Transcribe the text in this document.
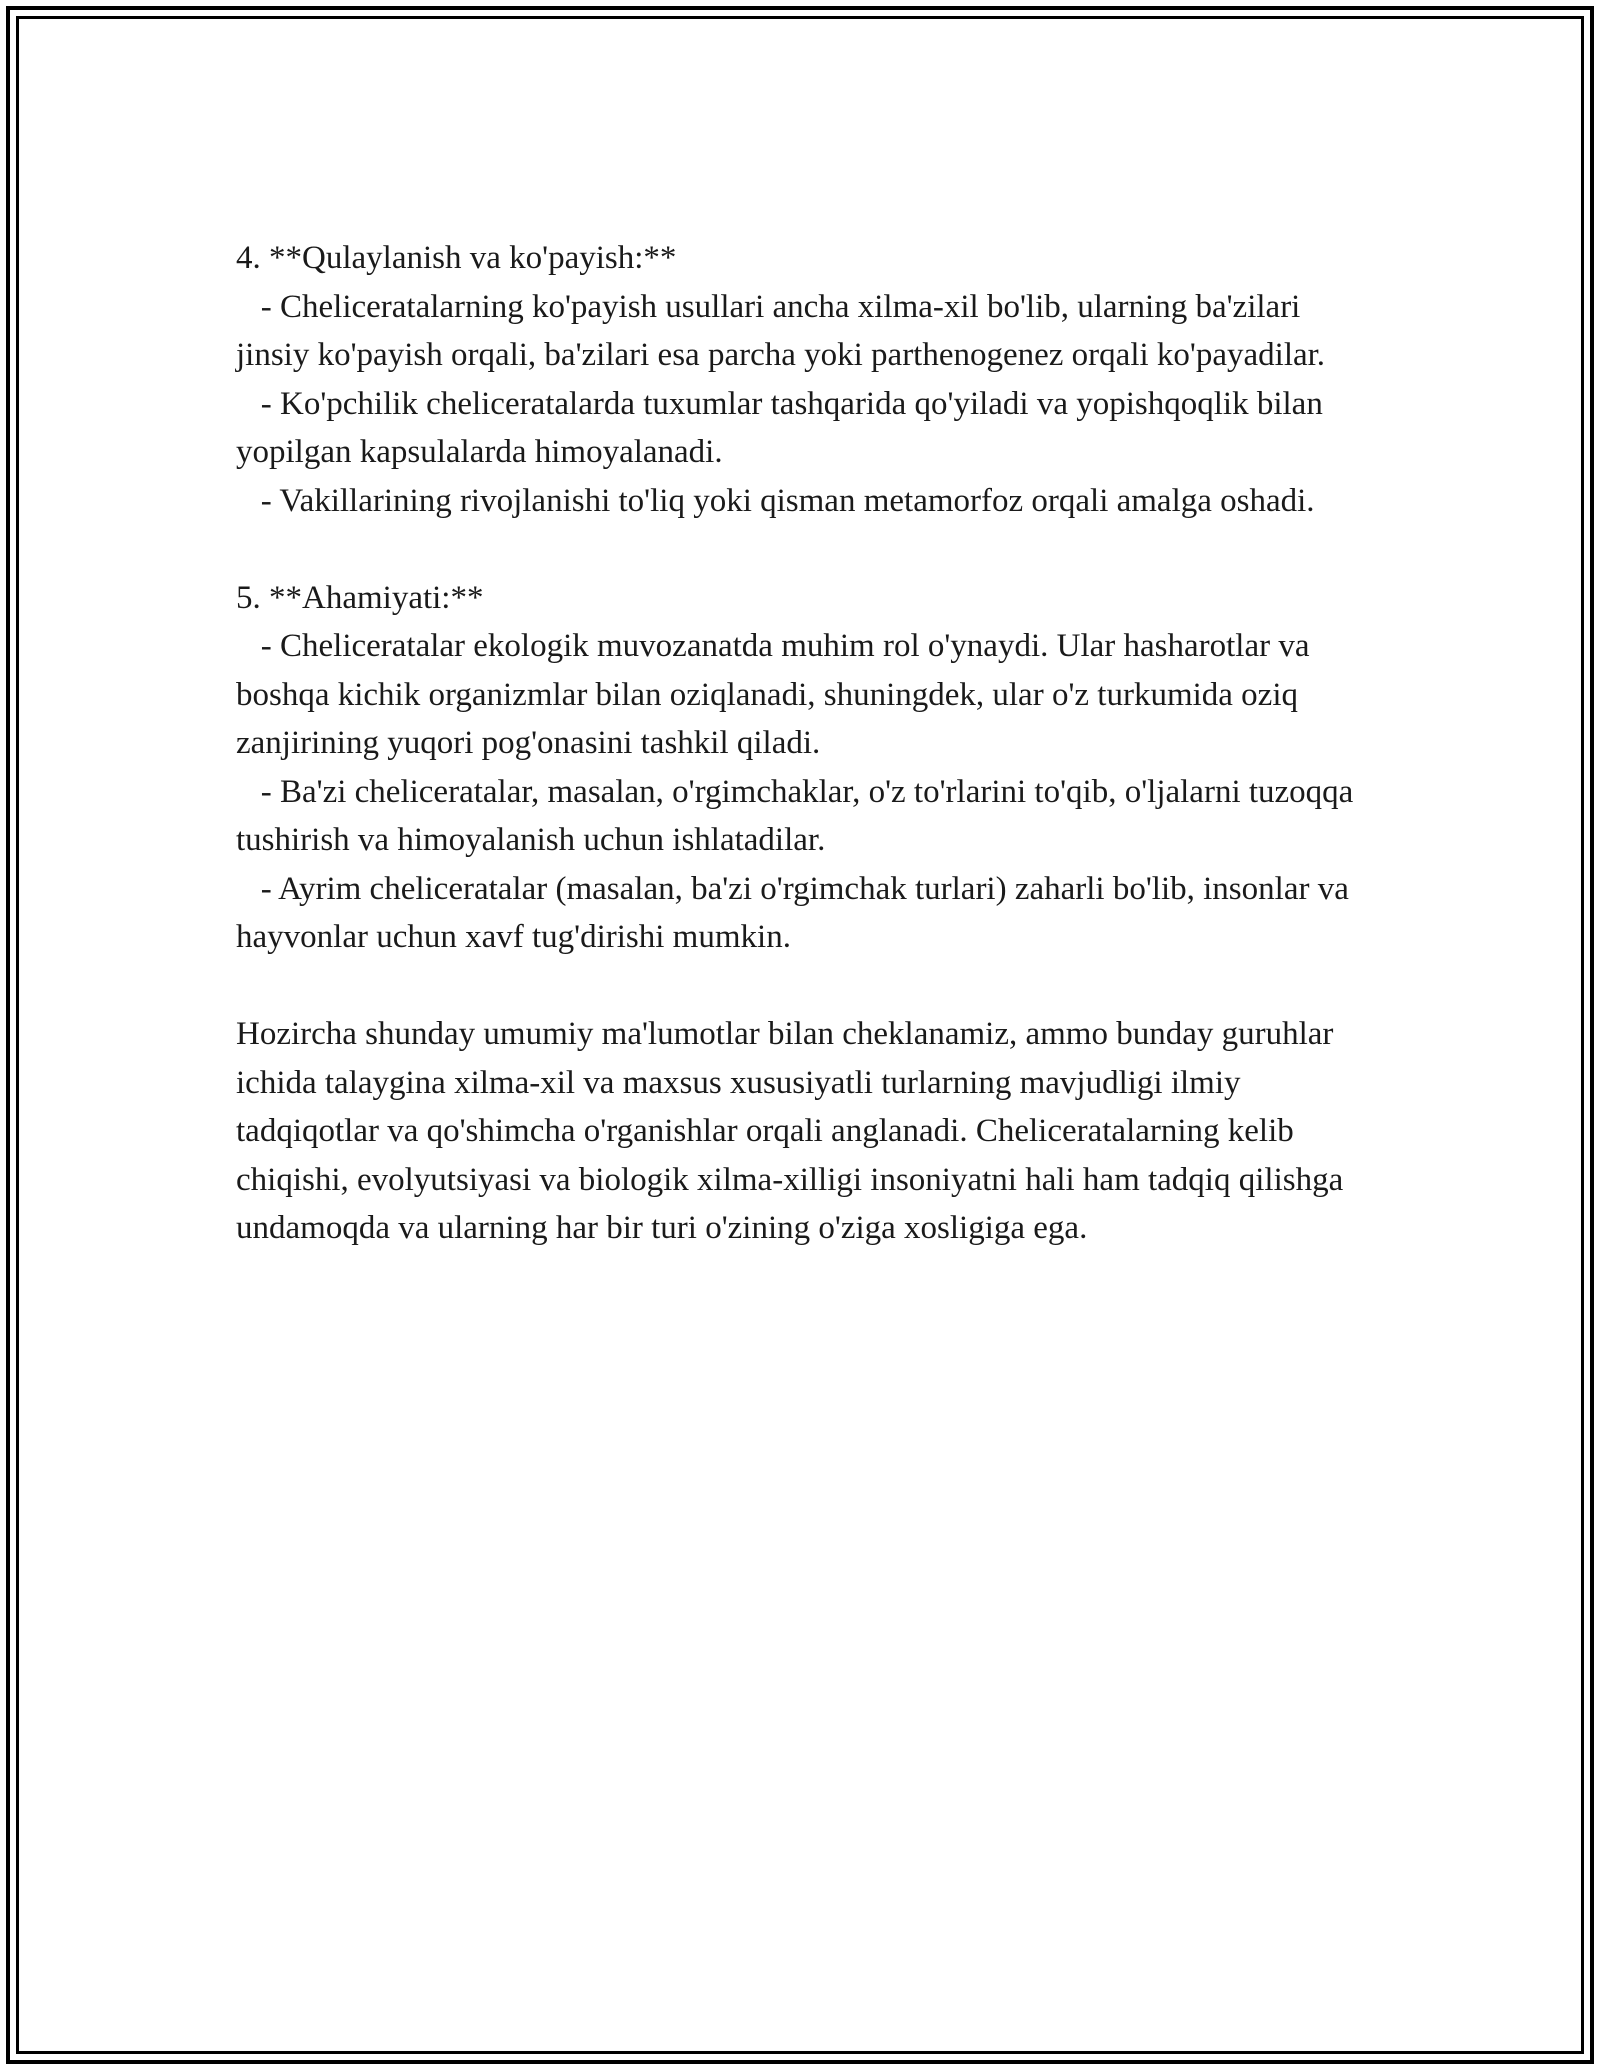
4. **Qulaylanish va ko'payish:**

- Cheliceratalarning ko'payish usullari ancha xilma-xil bo'lib, ularning ba'zilari jinsiy ko'payish orqali, ba'zilari esa parcha yoki parthenogenez orqali ko'payadilar.

- Ko'pchilik cheliceratalarda tuxumlar tashqarida qo'yiladi va yopishqoqlik bilan yopilgan kapsulalarda himoyalanadi.

- Vakillarining rivojlanishi to'liq yoki qisman metamorfoz orqali amalga oshadi.

5. **Ahamiyati:**

- Cheliceratalar ekologik muvozanatda muhim rol o'ynaydi. Ular hasharotlar va boshqa kichik organizmlar bilan oziqlanadi, shuningdek, ular o'z turkumida oziq zanjirining yuqori pog'onasini tashkil qiladi.

- Ba'zi cheliceratalar, masalan, o'rgimchaklar, o'z to'rlarini to'qib, o'ljalarni tuzoqqa tushirish va himoyalanish uchun ishlatadilar.

- Ayrim cheliceratalar (masalan, ba'zi o'rgimchak turlari) zaharli bo'lib, insonlar va hayvonlar uchun xavf tug'dirishi mumkin.

Hozircha shunday umumiy ma'lumotlar bilan cheklanamiz, ammo bunday guruhlar ichida talaygina xilma-xil va maxsus xususiyatli turlarning mavjudligi ilmiy tadqiqotlar va qo'shimcha o'rganishlar orqali anglanadi. Cheliceratalarning kelib chiqishi, evolyutsiyasi va biologik xilma-xilligi insoniyatni hali ham tadqiq qilishga undamoqda va ularning har bir turi o'zining o'ziga xosligiga ega.
